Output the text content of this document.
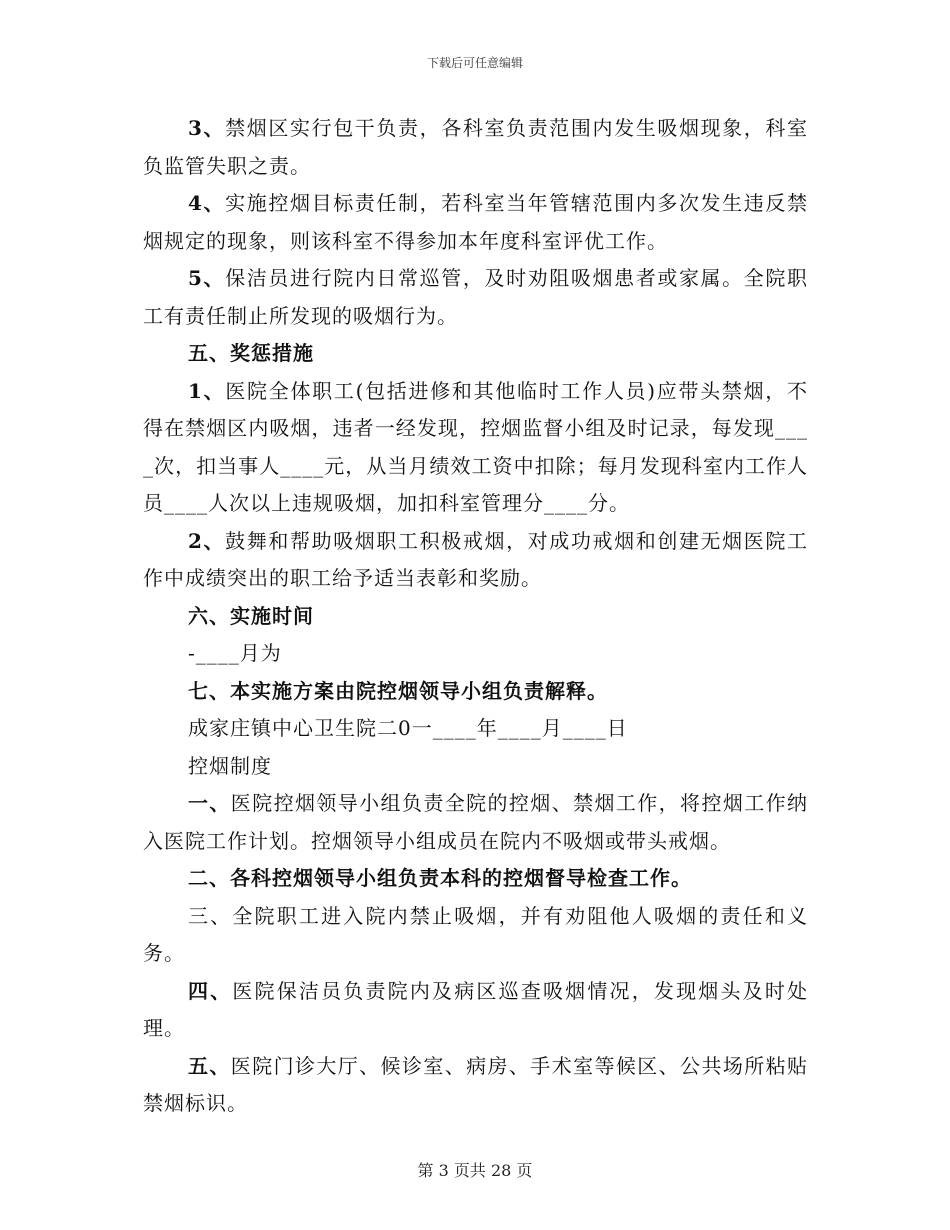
下载后可任意编辑

3、禁烟区实行包干负责，各科室负责范围内发生吸烟现象，科室负监管失职之责。

4、实施控烟目标责任制，若科室当年管辖范围内多次发生违反禁烟规定的现象，则该科室不得参加本年度科室评优工作。

5、保洁员进行院内日常巡管，及时劝阻吸烟患者或家属。全院职工有责任制止所发现的吸烟行为。

五、奖惩措施

1、医院全体职工(包括进修和其他临时工作人员)应带头禁烟，不得在禁烟区内吸烟，违者一经发现，控烟监督小组及时记录，每发现____次，扣当事人____元，从当月绩效工资中扣除；每月发现科室内工作人员____人次以上违规吸烟，加扣科室管理分____分。

2、鼓舞和帮助吸烟职工积极戒烟，对成功戒烟和创建无烟医院工作中成绩突出的职工给予适当表彰和奖励。

六、实施时间

-____月为

七、本实施方案由院控烟领导小组负责解释。

成家庄镇中心卫生院二0一____年____月____日

控烟制度

一、医院控烟领导小组负责全院的控烟、禁烟工作，将控烟工作纳入医院工作计划。控烟领导小组成员在院内不吸烟或带头戒烟。

二、各科控烟领导小组负责本科的控烟督导检查工作。

三、全院职工进入院内禁止吸烟，并有劝阻他人吸烟的责任和义务。

四、医院保洁员负责院内及病区巡查吸烟情况，发现烟头及时处理。

五、医院门诊大厅、候诊室、病房、手术室等候区、公共场所粘贴禁烟标识。

第 3 页共 28 页
